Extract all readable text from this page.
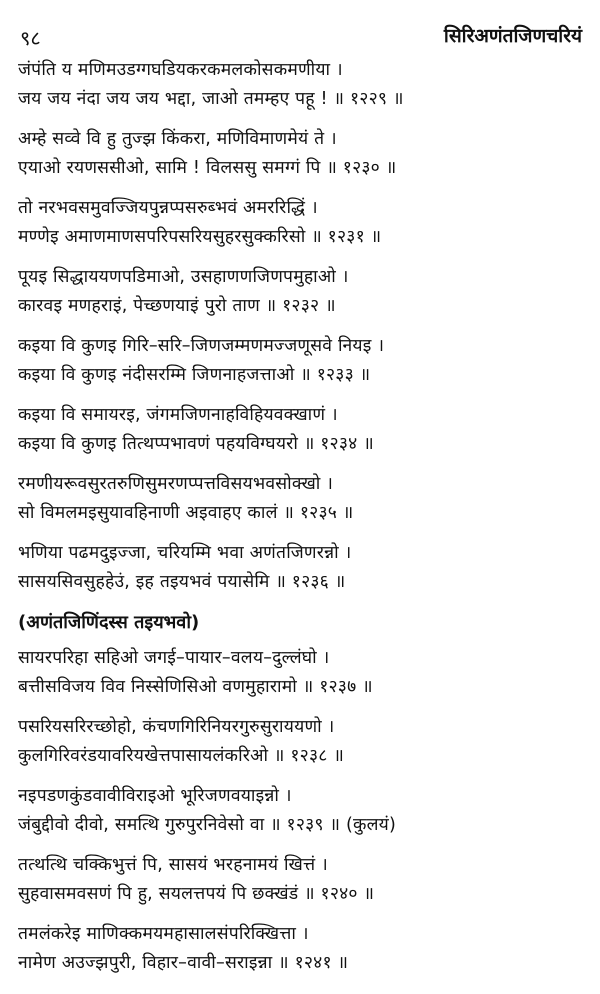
९८	सिरिअणंतजिणचरियं
जंपंति य मणिमउडग्गघडियकरकमलकोसकमणीया ।
जय जय नंदा जय जय भद्दा, जाओ तमम्हए पहू ! ॥ १२२९ ॥
अम्हे सव्वे वि हु तुज्झ किंकरा, मणिविमाणमेयं ते ।
एयाओ रयणससीओ, सामि ! विलससु समग्गं पि ॥ १२३० ॥
तो नरभवसमुवज्जियपुन्नप्पसरुब्भवं अमररिद्धिं ।
मण्णेइ अमाणमाणसपरिपसरियसुहरसुक्करिसो ॥ १२३१ ॥
पूयइ सिद्धाययणपडिमाओ, उसहाणणजिणपमुहाओ ।
कारवइ मणहराइं, पेच्छणयाइं पुरो ताण ॥ १२३२ ॥
कइया वि कुणइ गिरि–सरि–जिणजम्मणमज्जणूसवे नियइ ।
कइया वि कुणइ नंदीसरम्मि जिणनाहजत्ताओ ॥ १२३३ ॥
कइया वि समायरइ, जंगमजिणनाहविहियवक्खाणं ।
कइया वि कुणइ तित्थप्पभावणं पहयविग्घयरो ॥ १२३४ ॥
रमणीयरूवसुरतरुणिसुमरणप्पत्तविसयभवसोक्खो ।
सो विमलमइसुयावहिनाणी अइवाहए कालं ॥ १२३५ ॥
भणिया पढमदुइज्जा, चरियम्मि भवा अणंतजिणरन्नो ।
सासयसिवसुहहेउं, इह तइयभवं पयासेमि ॥ १२३६ ॥
(अणंतजिणिंदस्स तइयभवो)
सायरपरिहा सहिओ जगई–पायार–वलय–दुल्लंघो ।
बत्तीसविजय विव निस्सेणिसिओ वणमुहारामो ॥ १२३७ ॥
पसरियसरिरच्छोहो, कंचणगिरिनियरगुरुसुराययणो ।
कुलगिरिवरंडयावरियखेत्तपासायलंकरिओ ॥ १२३८ ॥
नइपडणकुंडवावीविराइओ भूरिजणवयाइन्नो ।
जंबुद्दीवो दीवो, समत्थि गुरुपुरनिवेसो वा ॥ १२३९ ॥ (कुलयं)
तत्थत्थि चक्किभुत्तं पि, सासयं भरहनामयं खित्तं ।
सुहवासमवसणं पि हु, सयलत्तपयं पि छक्खंडं ॥ १२४० ॥
तमलंकरेइ माणिक्कमयमहासालसंपरिक्खित्ता ।
नामेण अउज्झपुरी, विहार–वावी–सराइन्ना ॥ १२४१ ॥
